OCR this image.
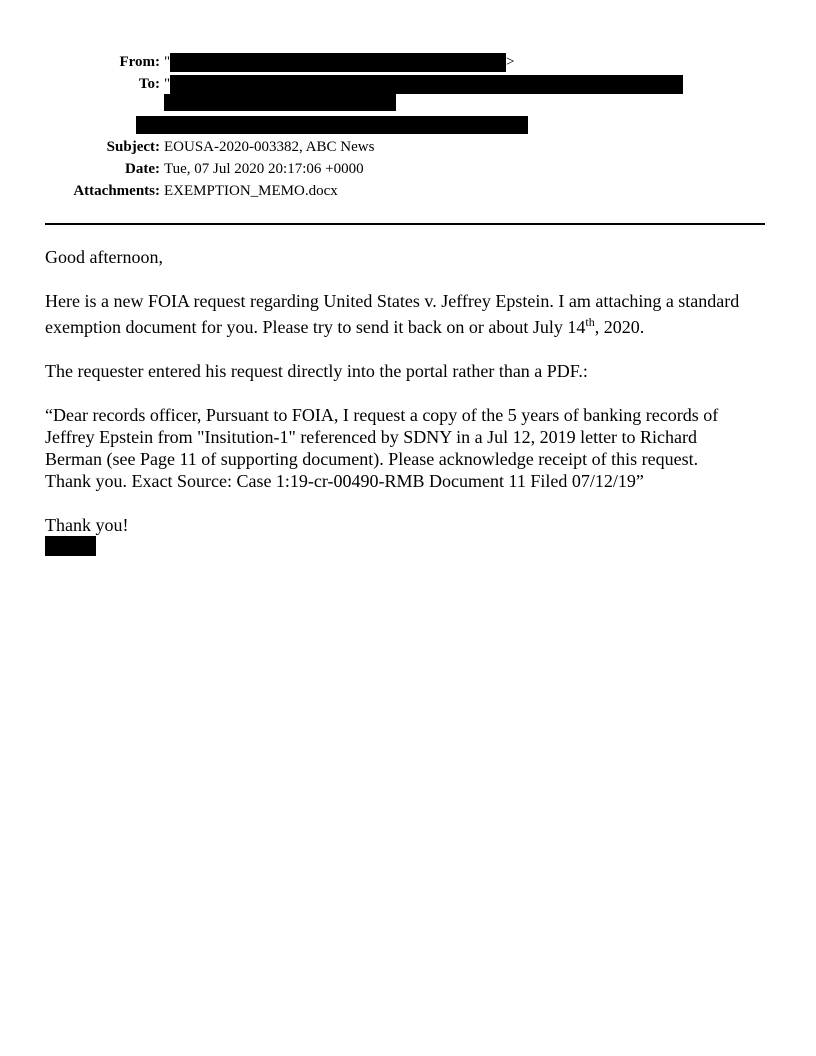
From: "	>
To: "
Subject: EOUSA-2020-003382, ABC News
Date: Tue, 07 Jul 2020 20:17:06 +0000
Attachments: EXEMPTION_MEMO.docx
Good afternoon,
Here is a new FOIA request regarding United States v. Jeffrey Epstein. I am attaching a standard
exemption document for you. Please try to send it back on or about July 14th, 2020.
The requester entered his request directly into the portal rather than a PDF.:
“Dear records officer, Pursuant to FOIA, I request a copy of the 5 years of banking records of
Jeffrey Epstein from "Insitution-1" referenced by SDNY in a Jul 12, 2019 letter to Richard
Berman (see Page 11 of supporting document). Please acknowledge receipt of this request.
Thank you. Exact Source: Case 1:19-cr-00490-RMB Document 11 Filed 07/12/19”
Thank you!
